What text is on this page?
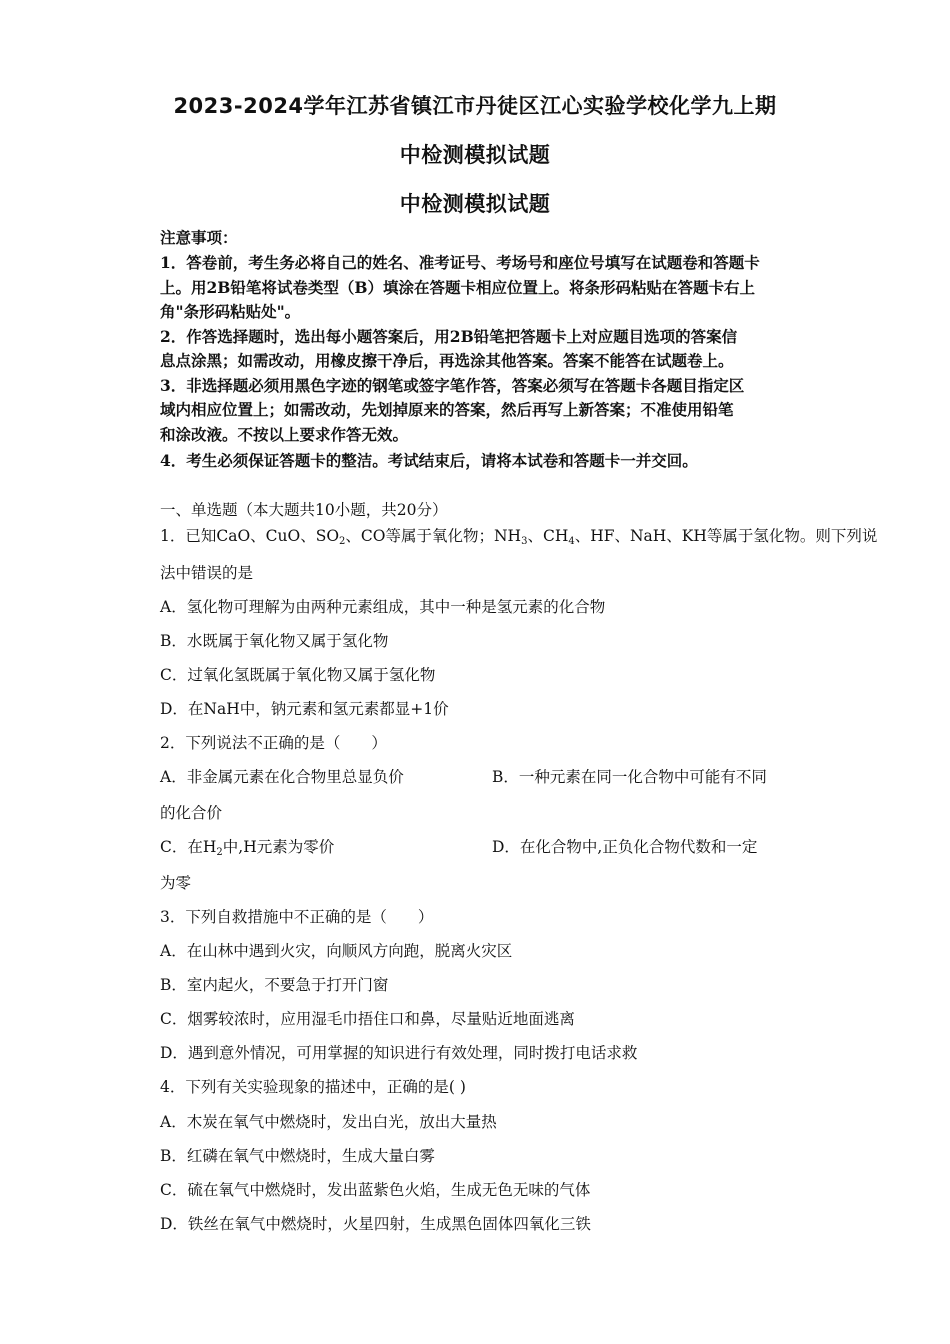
2023-2024学年江苏省镇江市丹徒区江心实验学校化学九上期
中检测模拟试题
中检测模拟试题
注意事项：
1．答卷前，考生务必将自己的姓名、准考证号、考场号和座位号填写在试题卷和答题卡
上。用2B铅笔将试卷类型（B）填涂在答题卡相应位置上。将条形码粘贴在答题卡右上
角"条形码粘贴处"。
2．作答选择题时，选出每小题答案后，用2B铅笔把答题卡上对应题目选项的答案信
息点涂黑；如需改动，用橡皮擦干净后，再选涂其他答案。答案不能答在试题卷上。
3．非选择题必须用黑色字迹的钢笔或签字笔作答，答案必须写在答题卡各题目指定区
域内相应位置上；如需改动，先划掉原来的答案，然后再写上新答案；不准使用铅笔
和涂改液。不按以上要求作答无效。
4．考生必须保证答题卡的整洁。考试结束后，请将本试卷和答题卡一并交回。
一、单选题（本大题共10小题，共20分）
1．已知CaO、CuO、$SO_2$、CO等属于氧化物；$NH_3$、$CH_4$、HF、NaH、KH等属于氢化物。则下列说
法中错误的是
A．氢化物可理解为由两种元素组成，其中一种是氢元素的化合物
B．水既属于氧化物又属于氢化物
C．过氧化氢既属于氧化物又属于氢化物
D．在NaH中，钠元素和氢元素都显+1价
2．下列说法不正确的是（　　）
A．非金属元素在化合物里总显负价	B．一种元素在同一化合物中可能有不同
的化合价
C．在$H_2$中,H元素为零价	D．在化合物中,正负化合物代数和一定
为零
3．下列自救措施中不正确的是（　　）
A．在山林中遇到火灾，向顺风方向跑，脱离火灾区
B．室内起火，不要急于打开门窗
C．烟雾较浓时，应用湿毛巾捂住口和鼻，尽量贴近地面逃离
D．遇到意外情况，可用掌握的知识进行有效处理，同时拨打电话求救
4．下列有关实验现象的描述中，正确的是( )
A．木炭在氧气中燃烧时，发出白光，放出大量热
B．红磷在氧气中燃烧时，生成大量白雾
C．硫在氧气中燃烧时，发出蓝紫色火焰，生成无色无味的气体
D．铁丝在氧气中燃烧时，火星四射，生成黑色固体四氧化三铁
